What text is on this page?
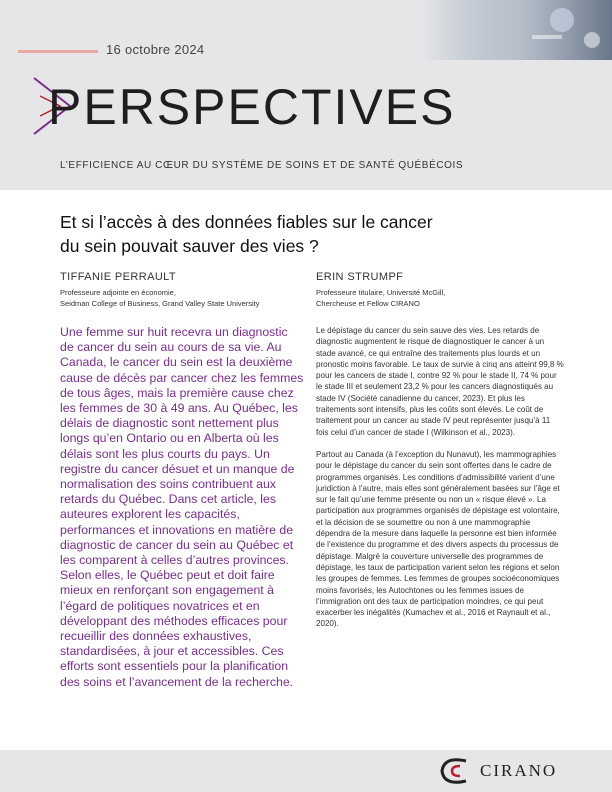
16 octobre 2024
PERSPECTIVES
L’EFFICIENCE AU CŒUR DU SYSTÈME DE SOINS ET DE SANTÉ QUÉBÉCOIS
Et si l’accès à des données fiables sur le cancer
du sein pouvait sauver des vies ?
TIFFANIE PERRAULT
Professeure adjointe en économie,
Seidman College of Business, Grand Valley State University
ERIN STRUMPF
Professeure titulaire, Université McGill,
Chercheuse et Fellow CIRANO
Une femme sur huit recevra un diagnostic de cancer du sein au cours de sa vie. Au Canada, le cancer du sein est la deuxième cause de décès par cancer chez les femmes de tous âges, mais la première cause chez les femmes de 30 à 49 ans. Au Québec, les délais de diagnostic sont nettement plus longs qu’en Ontario ou en Alberta où les délais sont les plus courts du pays. Un registre du cancer désuet et un manque de normalisation des soins contribuent aux retards du Québec. Dans cet article, les auteures explorent les capacités, performances et innovations en matière de diagnostic de cancer du sein au Québec et les comparent à celles d’autres provinces. Selon elles, le Québec peut et doit faire mieux en renforçant son engagement à l’égard de politiques novatrices et en développant des méthodes efficaces pour recueillir des données exhaustives, standardisées, à jour et accessibles. Ces efforts sont essentiels pour la planification des soins et l’avancement de la recherche.

Le dépistage du cancer du sein sauve des vies. Les retards de diagnostic augmentent le risque de diagnostiquer le cancer à un stade avancé, ce qui entraîne des traitements plus lourds et un pronostic moins favorable. Le taux de survie à cinq ans atteint 99,8 % pour les cancers de stade I, contre 92 % pour le stade II, 74 % pour le stade III et seulement 23,2 % pour les cancers diagnostiqués au stade IV (Société canadienne du cancer, 2023). Et plus les traitements sont intensifs, plus les coûts sont élevés. Le coût de traitement pour un cancer au stade IV peut représenter jusqu’à 11 fois celui d’un cancer de stade I (Wilkinson et al., 2023).

Partout au Canada (à l’exception du Nunavut), les mammographies pour le dépistage du cancer du sein sont offertes dans le cadre de programmes organisés. Les conditions d’admissibilité varient d’une juridiction à l’autre, mais elles sont généralement basées sur l’âge et sur le fait qu’une femme présente ou non un « risque élevé ». La participation aux programmes organisés de dépistage est volontaire, et la décision de se soumettre ou non à une mammographie dépendra de la mesure dans laquelle la personne est bien informée de l’existence du programme et des divers aspects du processus de dépistage. Malgré la couverture universelle des programmes de dépistage, les taux de participation varient selon les régions et selon les groupes de femmes. Les femmes de groupes socioéconomiques moins favorisés, les Autochtones ou les femmes issues de l’immigration ont des taux de participation moindres, ce qui peut exacerber les inégalités (Kumachev et al., 2016 et Raynault et al., 2020).

CIRANO
